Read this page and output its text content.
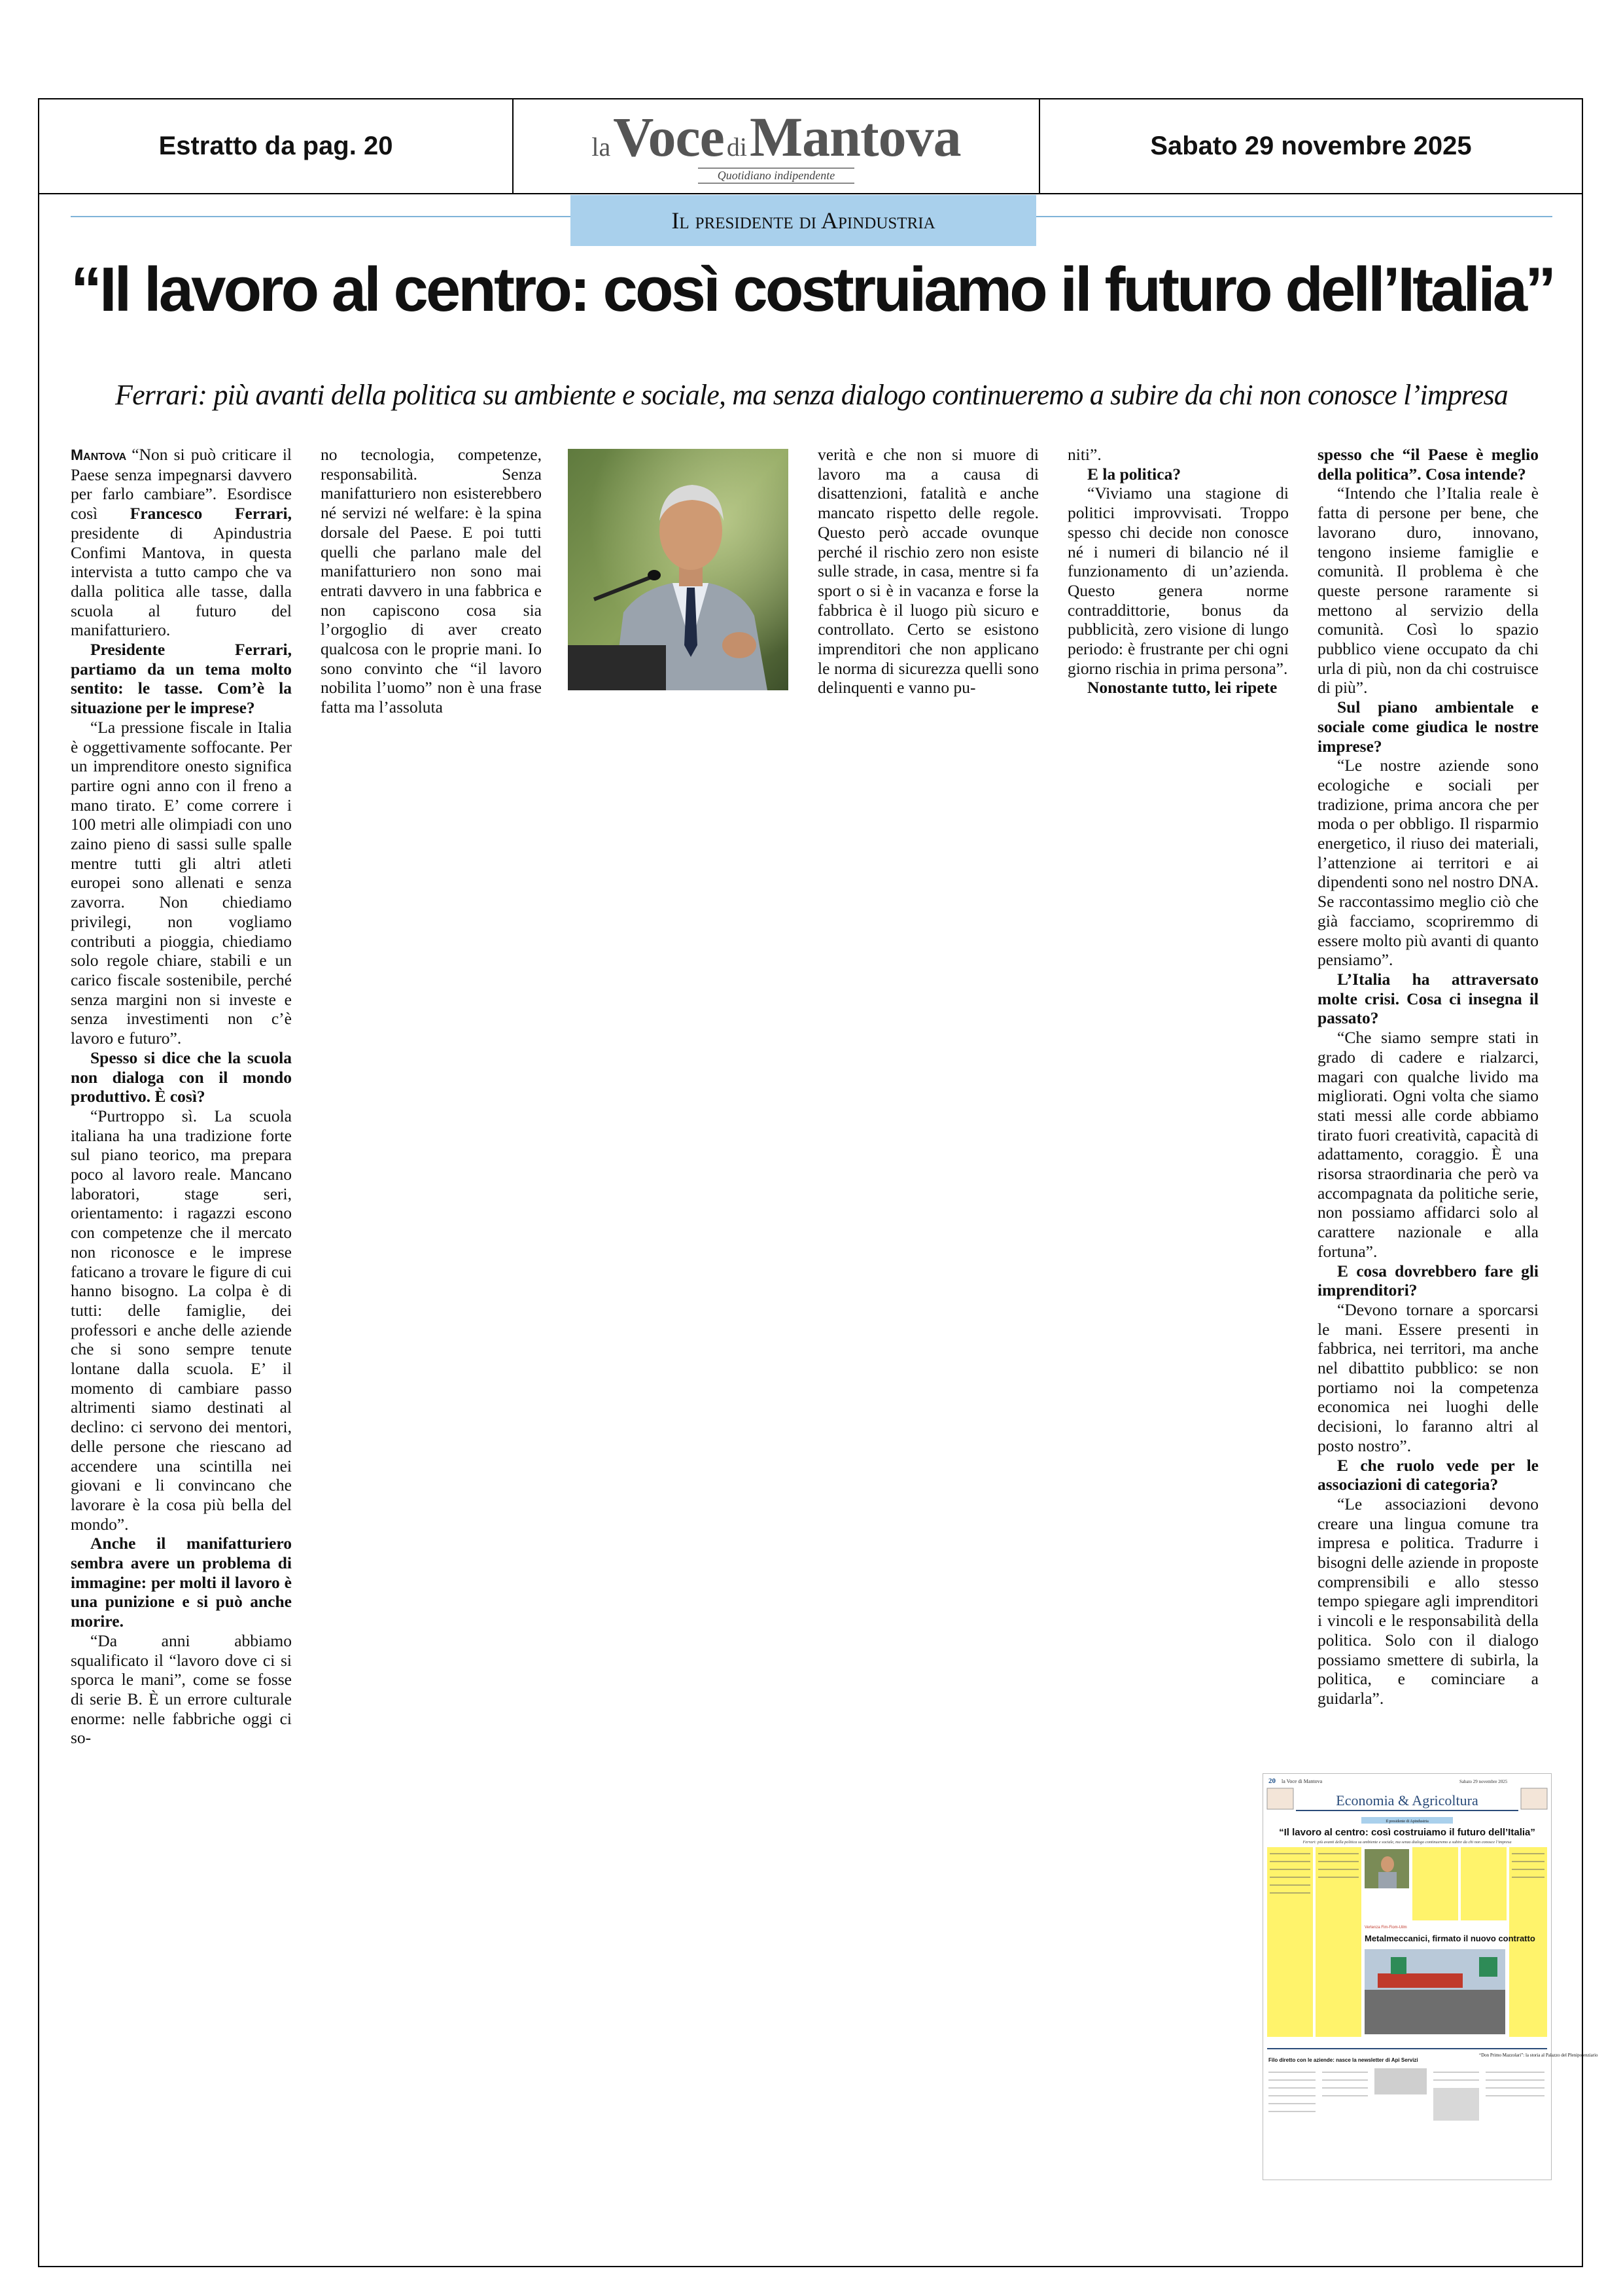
Estratto da pag. 20	la Voce di Mantova
Quotidiano indipendente
Sabato 29 novembre 2025
Il presidente di Apindustria
“Il lavoro al centro: così costruiamo il futuro dell’Italia”
Ferrari: più avanti della politica su ambiente e sociale, ma senza dialogo continueremo a subire da chi non conosce l’impresa

Mantova “Non si può criticare il Paese senza impegnarsi davvero per farlo cambiare”. Esordisce così Francesco Ferrari, presidente di Apindustria Confimi Mantova, in questa intervista a tutto campo che va dalla politica alle tasse, dalla scuola al futuro del manifatturiero.

Presidente Ferrari, partiamo da un tema molto sentito: le tasse. Com’è la situazione per le imprese?

“La pressione fiscale in Italia è oggettivamente soffocante. Per un imprenditore onesto significa partire ogni anno con il freno a mano tirato. E’ come correre i 100 metri alle olimpiadi con uno zaino pieno di sassi sulle spalle mentre tutti gli altri atleti europei sono allenati e senza zavorra. Non chiediamo privilegi, non vogliamo contributi a pioggia, chiediamo solo regole chiare, stabili e un carico fiscale sostenibile, perché senza margini non si investe e senza investimenti non c’è lavoro e futuro”.

Spesso si dice che la scuola non dialoga con il mondo produttivo. È così?

“Purtroppo sì. La scuola italiana ha una tradizione forte sul piano teorico, ma prepara poco al lavoro reale. Mancano laboratori, stage seri, orientamento: i ragazzi escono con competenze che il mercato non riconosce e le imprese faticano a trovare le figure di cui hanno bisogno. La colpa è di tutti: delle famiglie, dei professori e anche delle aziende che si sono sempre tenute lontane dalla scuola. E’ il momento di cambiare passo altrimenti siamo destinati al declino: ci servono dei mentori, delle persone che riescano ad accendere una scintilla nei giovani e li convincano che lavorare è la cosa più bella del mondo”.

Anche il manifatturiero sembra avere un problema di immagine: per molti il lavoro è una punizione e si può anche morire.

“Da anni abbiamo squalificato il “lavoro dove ci si sporca le mani”, come se fosse di serie B. È un errore culturale enorme: nelle fabbriche oggi ci so-

no tecnologia, competenze, responsabilità. Senza manifatturiero non esisterebbero né servizi né welfare: è la spina dorsale del Paese. E poi tutti quelli che parlano male del manifatturiero non sono mai entrati davvero in una fabbrica e non capiscono cosa sia l’orgoglio di aver creato qualcosa con le proprie mani. Io sono convinto che “il lavoro nobilita l’uomo” non è una frase fatta ma l’assoluta

verità e che non si muore di lavoro ma a causa di disattenzioni, fatalità e anche mancato rispetto delle regole. Questo però accade ovunque perché il rischio zero non esiste sulle strade, in casa, mentre si fa sport o si è in vacanza e forse la fabbrica è il luogo più sicuro e controllato. Certo se esistono imprenditori che non applicano le norma di sicurezza quelli sono delinquenti e vanno pu-

niti”.

E la politica?

“Viviamo una stagione di politici improvvisati. Troppo spesso chi decide non conosce né i numeri di bilancio né il funzionamento di un’azienda. Questo genera norme contraddittorie, bonus da pubblicità, zero visione di lungo periodo: è frustrante per chi ogni giorno rischia in prima persona”.

Nonostante tutto, lei ripete

spesso che “il Paese è meglio della politica”. Cosa intende?

“Intendo che l’Italia reale è fatta di persone per bene, che lavorano duro, innovano, tengono insieme famiglie e comunità. Il problema è che queste persone raramente si mettono al servizio della comunità. Così lo spazio pubblico viene occupato da chi urla di più, non da chi costruisce di più”.

Sul piano ambientale e sociale come giudica le nostre imprese?

“Le nostre aziende sono ecologiche e sociali per tradizione, prima ancora che per moda o per obbligo. Il risparmio energetico, il riuso dei materiali, l’attenzione ai territori e ai dipendenti sono nel nostro DNA. Se raccontassimo meglio ciò che già facciamo, scopriremmo di essere molto più avanti di quanto pensiamo”.

L’Italia ha attraversato molte crisi. Cosa ci insegna il passato?

“Che siamo sempre stati in grado di cadere e rialzarci, magari con qualche livido ma migliorati. Ogni volta che siamo stati messi alle corde abbiamo tirato fuori creatività, capacità di adattamento, coraggio. È una risorsa straordinaria che però va accompagnata da politiche serie, non possiamo affidarci solo al carattere nazionale e alla fortuna”.

E cosa dovrebbero fare gli imprenditori?

“Devono tornare a sporcarsi le mani. Essere presenti in fabbrica, nei territori, ma anche nel dibattito pubblico: se non portiamo noi la competenza economica nei luoghi delle decisioni, lo faranno altri al posto nostro”.

E che ruolo vede per le associazioni di categoria?

“Le associazioni devono creare una lingua comune tra impresa e politica. Tradurre i bisogni delle aziende in proposte comprensibili e allo stesso tempo spiegare agli imprenditori i vincoli e le responsabilità della politica. Solo con il dialogo possiamo smettere di subirla, la politica, e cominciare a guidarla”.

20 la Voce di Mantova	Sabato 29 novembre 2025
Economia & Agricoltura
Il presidente di Apindustria
“Il lavoro al centro: così costruiamo il futuro dell’Italia”
Ferrari: più avanti della politica su ambiente e sociale, ma senza dialogo continueremo a subire da chi non conosce l’impresa
Vertenza Fim-Fiom-Uilm
Metalmeccanici, firmato il nuovo contratto
Filo diretto con le aziende: nasce la newsletter di Api Servizi
“Don Primo Mazzolari”: la storia al Palazzo del Plenipotenziario
